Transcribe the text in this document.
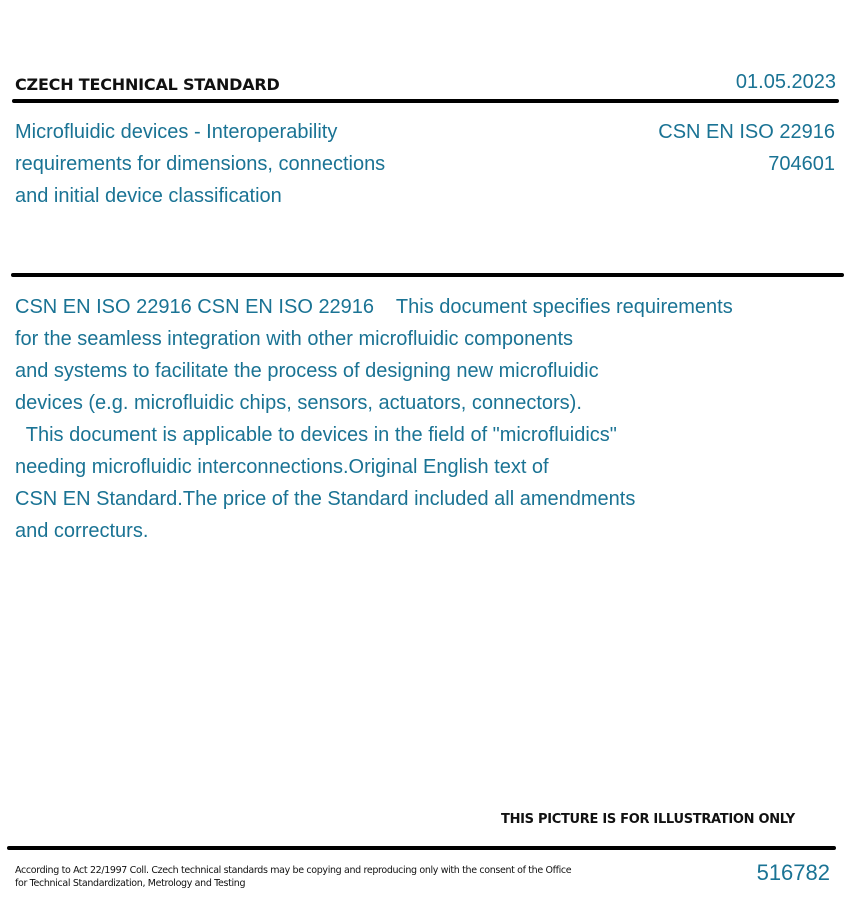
CZECH TECHNICAL STANDARD	01.05.2023
Microfluidic devices - Interoperability
requirements for dimensions, connections
and initial device classification
CSN EN ISO 22916
704601
CSN EN ISO 22916 CSN EN ISO 22916    This document specifies requirements
for the seamless integration with other microfluidic components
and systems to facilitate the process of designing new microfluidic
devices (e.g. microfluidic chips, sensors, actuators, connectors).
This document is applicable to devices in the field of "microfluidics"
needing microfluidic interconnections.Original English text of
CSN EN Standard.The price of the Standard included all amendments
and correcturs.
THIS PICTURE IS FOR ILLUSTRATION ONLY
According to Act 22/1997 Coll. Czech technical standards may be copying and reproducing only with the consent of the Office
for Technical Standardization, Metrology and Testing	516782
